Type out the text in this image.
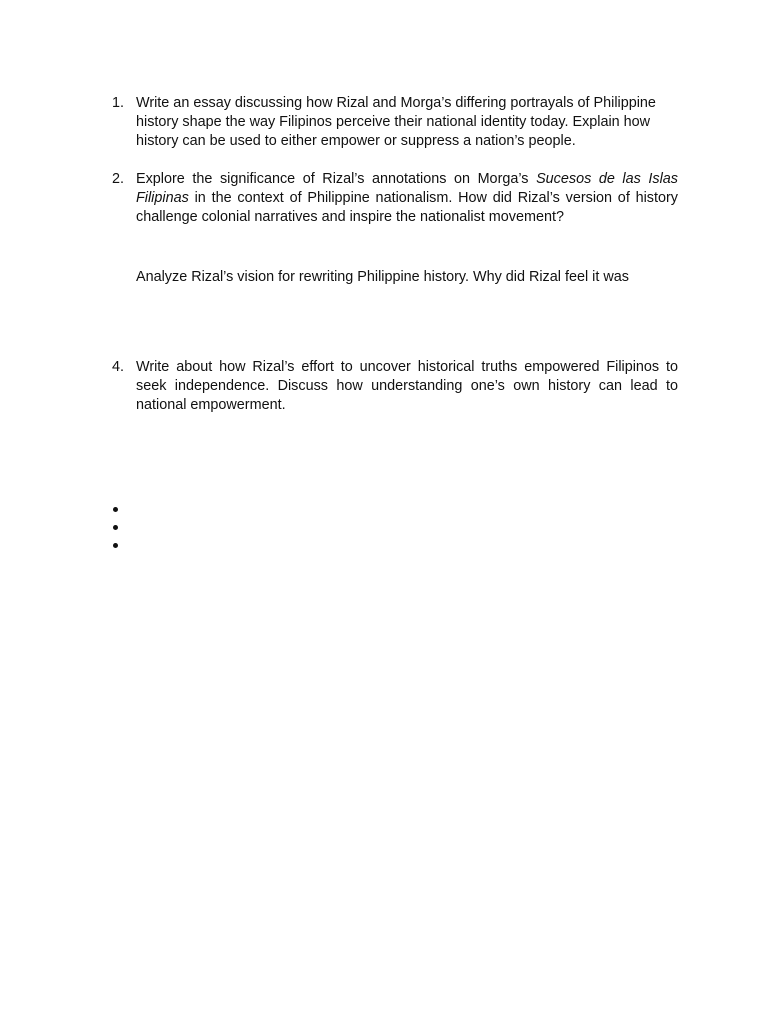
1. Write an essay discussing how Rizal and Morga’s differing portrayals of Philippine history shape the way Filipinos perceive their national identity today. Explain how history can be used to either empower or suppress a nation’s people.
2. Explore the significance of Rizal’s annotations on Morga’s Sucesos de las Islas Filipinas in the context of Philippine nationalism. How did Rizal’s version of history challenge colonial narratives and inspire the nationalist movement?
Analyze Rizal’s vision for rewriting Philippine history. Why did Rizal feel it was
4. Write about how Rizal’s effort to uncover historical truths empowered Filipinos to seek independence. Discuss how understanding one’s own history can lead to national empowerment.
